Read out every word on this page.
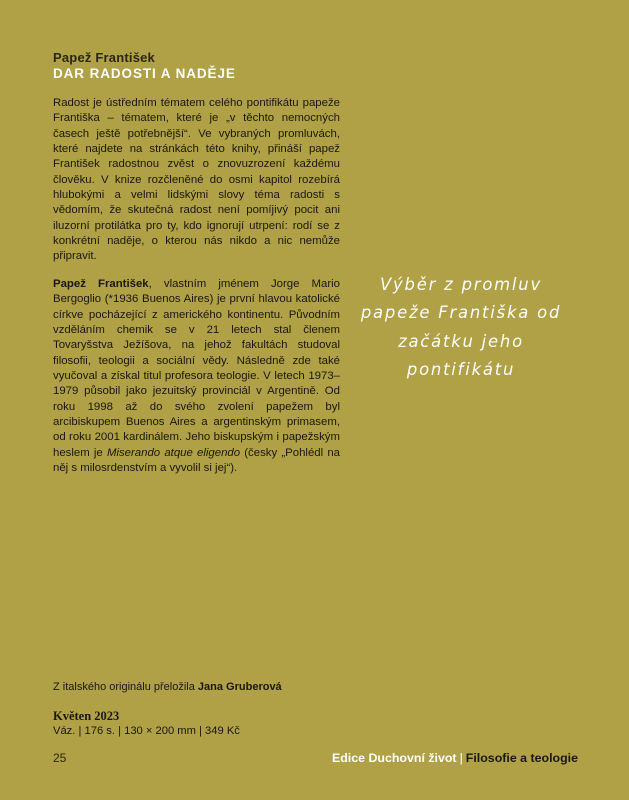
Papež František
DAR RADOSTI A NADĚJE

Radost je ústředním tématem celého pontifikátu papeže Františka – tématem, které je „v těchto nemocných časech ještě potřebnější“. Ve vybraných promluvách, které najdete na stránkách této knihy, přináší papež František radostnou zvěst o znovuzrození každému člověku. V knize rozčleněné do osmi kapitol rozebírá hlubokými a velmi lidskými slovy téma radosti s vědomím, že skutečná radost není pomíjivý pocit ani iluzorní protilátka pro ty, kdo ignorují utrpení: rodí se z konkrétní naděje, o kterou nás nikdo a nic nemůže připravit.

Papež František, vlastním jménem Jorge Mario Bergoglio (*1936 Buenos Aires) je první hlavou katolické církve pocházející z amerického kontinentu. Původním vzděláním chemik se v 21 letech stal členem Tovaryšstva Ježíšova, na jehož fakultách studoval filosofii, teologii a sociální vědy. Následně zde také vyučoval a získal titul profesora teologie. V letech 1973–1979 působil jako jezuitský provinciál v Argentině. Od roku 1998 až do svého zvolení papežem byl arcibiskupem Buenos Aires a argentinským primasem, od roku 2001 kardinálem. Jeho biskupským i papežským heslem je Miserando atque eligendo (česky „Pohlédl na něj s milosrdenstvím a vyvolil si jej“).

Výběr z promluv papeže Františka od začátku jeho pontifikátu
Z italského originálu přeložila Jana Gruberová
Květen 2023
Váz. | 176 s. | 130 × 200 mm | 349 Kč
25	Edice Duchovní život | Filosofie a teologie
